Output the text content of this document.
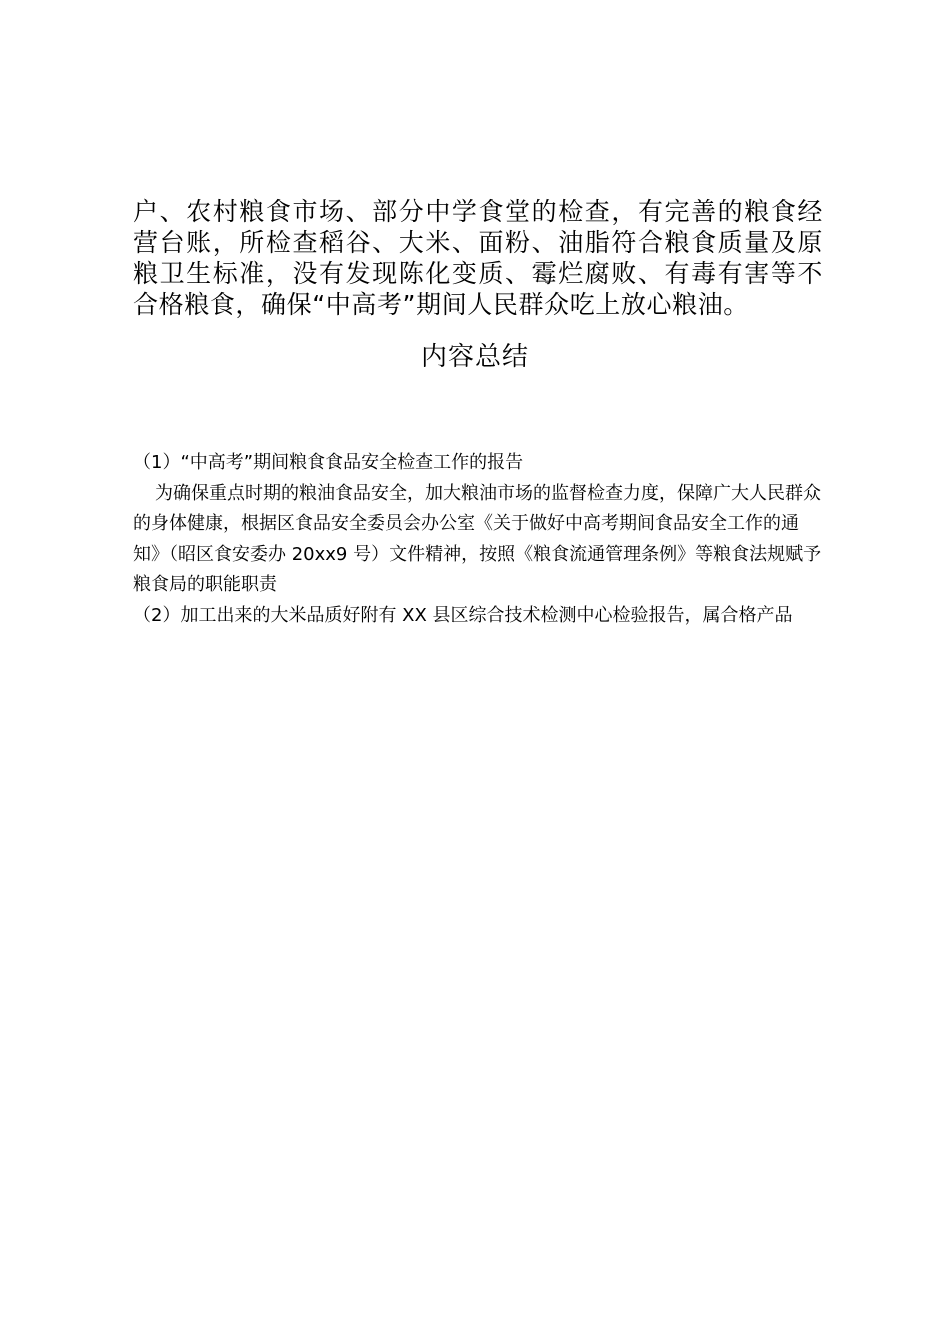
户、农村粮食市场、部分中学食堂的检查，有完善的粮食经营台账，所检查稻谷、大米、面粉、油脂符合粮食质量及原粮卫生标准，没有发现陈化变质、霉烂腐败、有毒有害等不合格粮食，确保“中高考”期间人民群众吃上放心粮油。

内容总结

（1）“中高考”期间粮食食品安全检查工作的报告

为确保重点时期的粮油食品安全，加大粮油市场的监督检查力度，保障广大人民群众的身体健康，根据区食品安全委员会办公室《关于做好中高考期间食品安全工作的通知》（昭区食安委办 20xx9 号）文件精神，按照《粮食流通管理条例》等粮食法规赋予粮食局的职能职责

（2）加工出来的大米品质好附有 XX 县区综合技术检测中心检验报告，属合格产品
